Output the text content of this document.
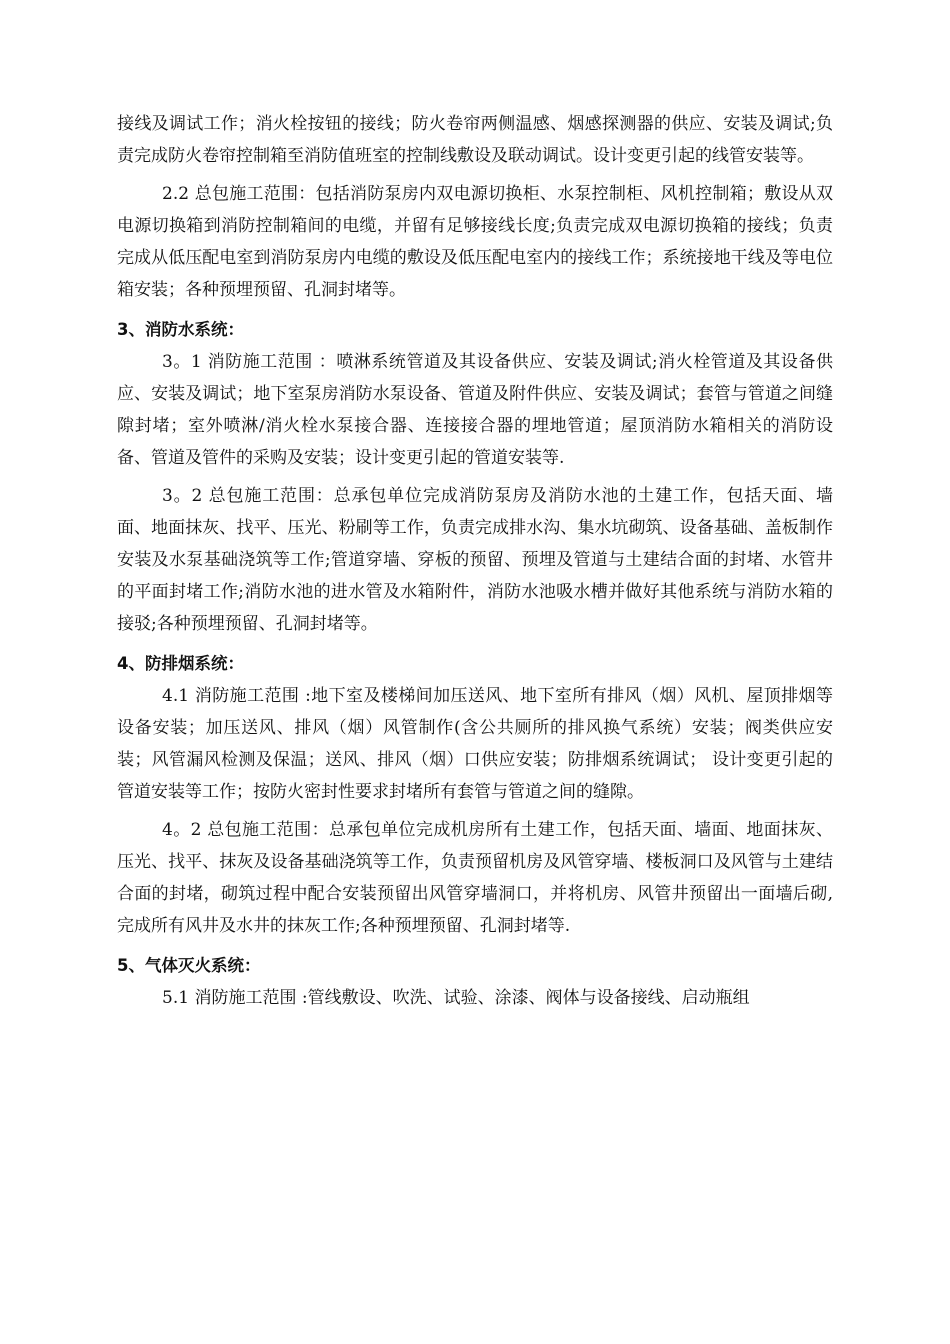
接线及调试工作；消火栓按钮的接线；防火卷帘两侧温感、烟感探测器的供应、安装及调试;负责完成防火卷帘控制箱至消防值班室的控制线敷设及联动调试。设计变更引起的线管安装等。

2.2 总包施工范围：包括消防泵房内双电源切换柜、水泵控制柜、风机控制箱；敷设从双电源切换箱到消防控制箱间的电缆，并留有足够接线长度;负责完成双电源切换箱的接线；负责完成从低压配电室到消防泵房内电缆的敷设及低压配电室内的接线工作；系统接地干线及等电位箱安装；各种预埋预留、孔洞封堵等。

3、消防水系统：

3。1 消防施工范围 ：喷淋系统管道及其设备供应、安装及调试;消火栓管道及其设备供应、安装及调试；地下室泵房消防水泵设备、管道及附件供应、安装及调试；套管与管道之间缝隙封堵；室外喷淋/消火栓水泵接合器、连接接合器的埋地管道；屋顶消防水箱相关的消防设备、管道及管件的采购及安装；设计变更引起的管道安装等.

3。2 总包施工范围：总承包单位完成消防泵房及消防水池的土建工作，包括天面、墙面、地面抹灰、找平、压光、粉刷等工作，负责完成排水沟、集水坑砌筑、设备基础、盖板制作安装及水泵基础浇筑等工作;管道穿墙、穿板的预留、预埋及管道与土建结合面的封堵、水管井的平面封堵工作;消防水池的进水管及水箱附件，消防水池吸水槽并做好其他系统与消防水箱的接驳;各种预埋预留、孔洞封堵等。

4、防排烟系统：

4.1 消防施工范围 :地下室及楼梯间加压送风、地下室所有排风（烟）风机、屋顶排烟等设备安装；加压送风、排风（烟）风管制作(含公共厕所的排风换气系统）安装；阀类供应安装；风管漏风检测及保温；送风、排风（烟）口供应安装；防排烟系统调试； 设计变更引起的管道安装等工作；按防火密封性要求封堵所有套管与管道之间的缝隙。

4。2 总包施工范围：总承包单位完成机房所有土建工作，包括天面、墙面、地面抹灰、压光、找平、抹灰及设备基础浇筑等工作，负责预留机房及风管穿墙、楼板洞口及风管与土建结合面的封堵，砌筑过程中配合安装预留出风管穿墙洞口，并将机房、风管井预留出一面墙后砌,完成所有风井及水井的抹灰工作;各种预埋预留、孔洞封堵等.

5、气体灭火系统：

5.1 消防施工范围 :管线敷设、吹洗、试验、涂漆、阀体与设备接线、启动瓶组
